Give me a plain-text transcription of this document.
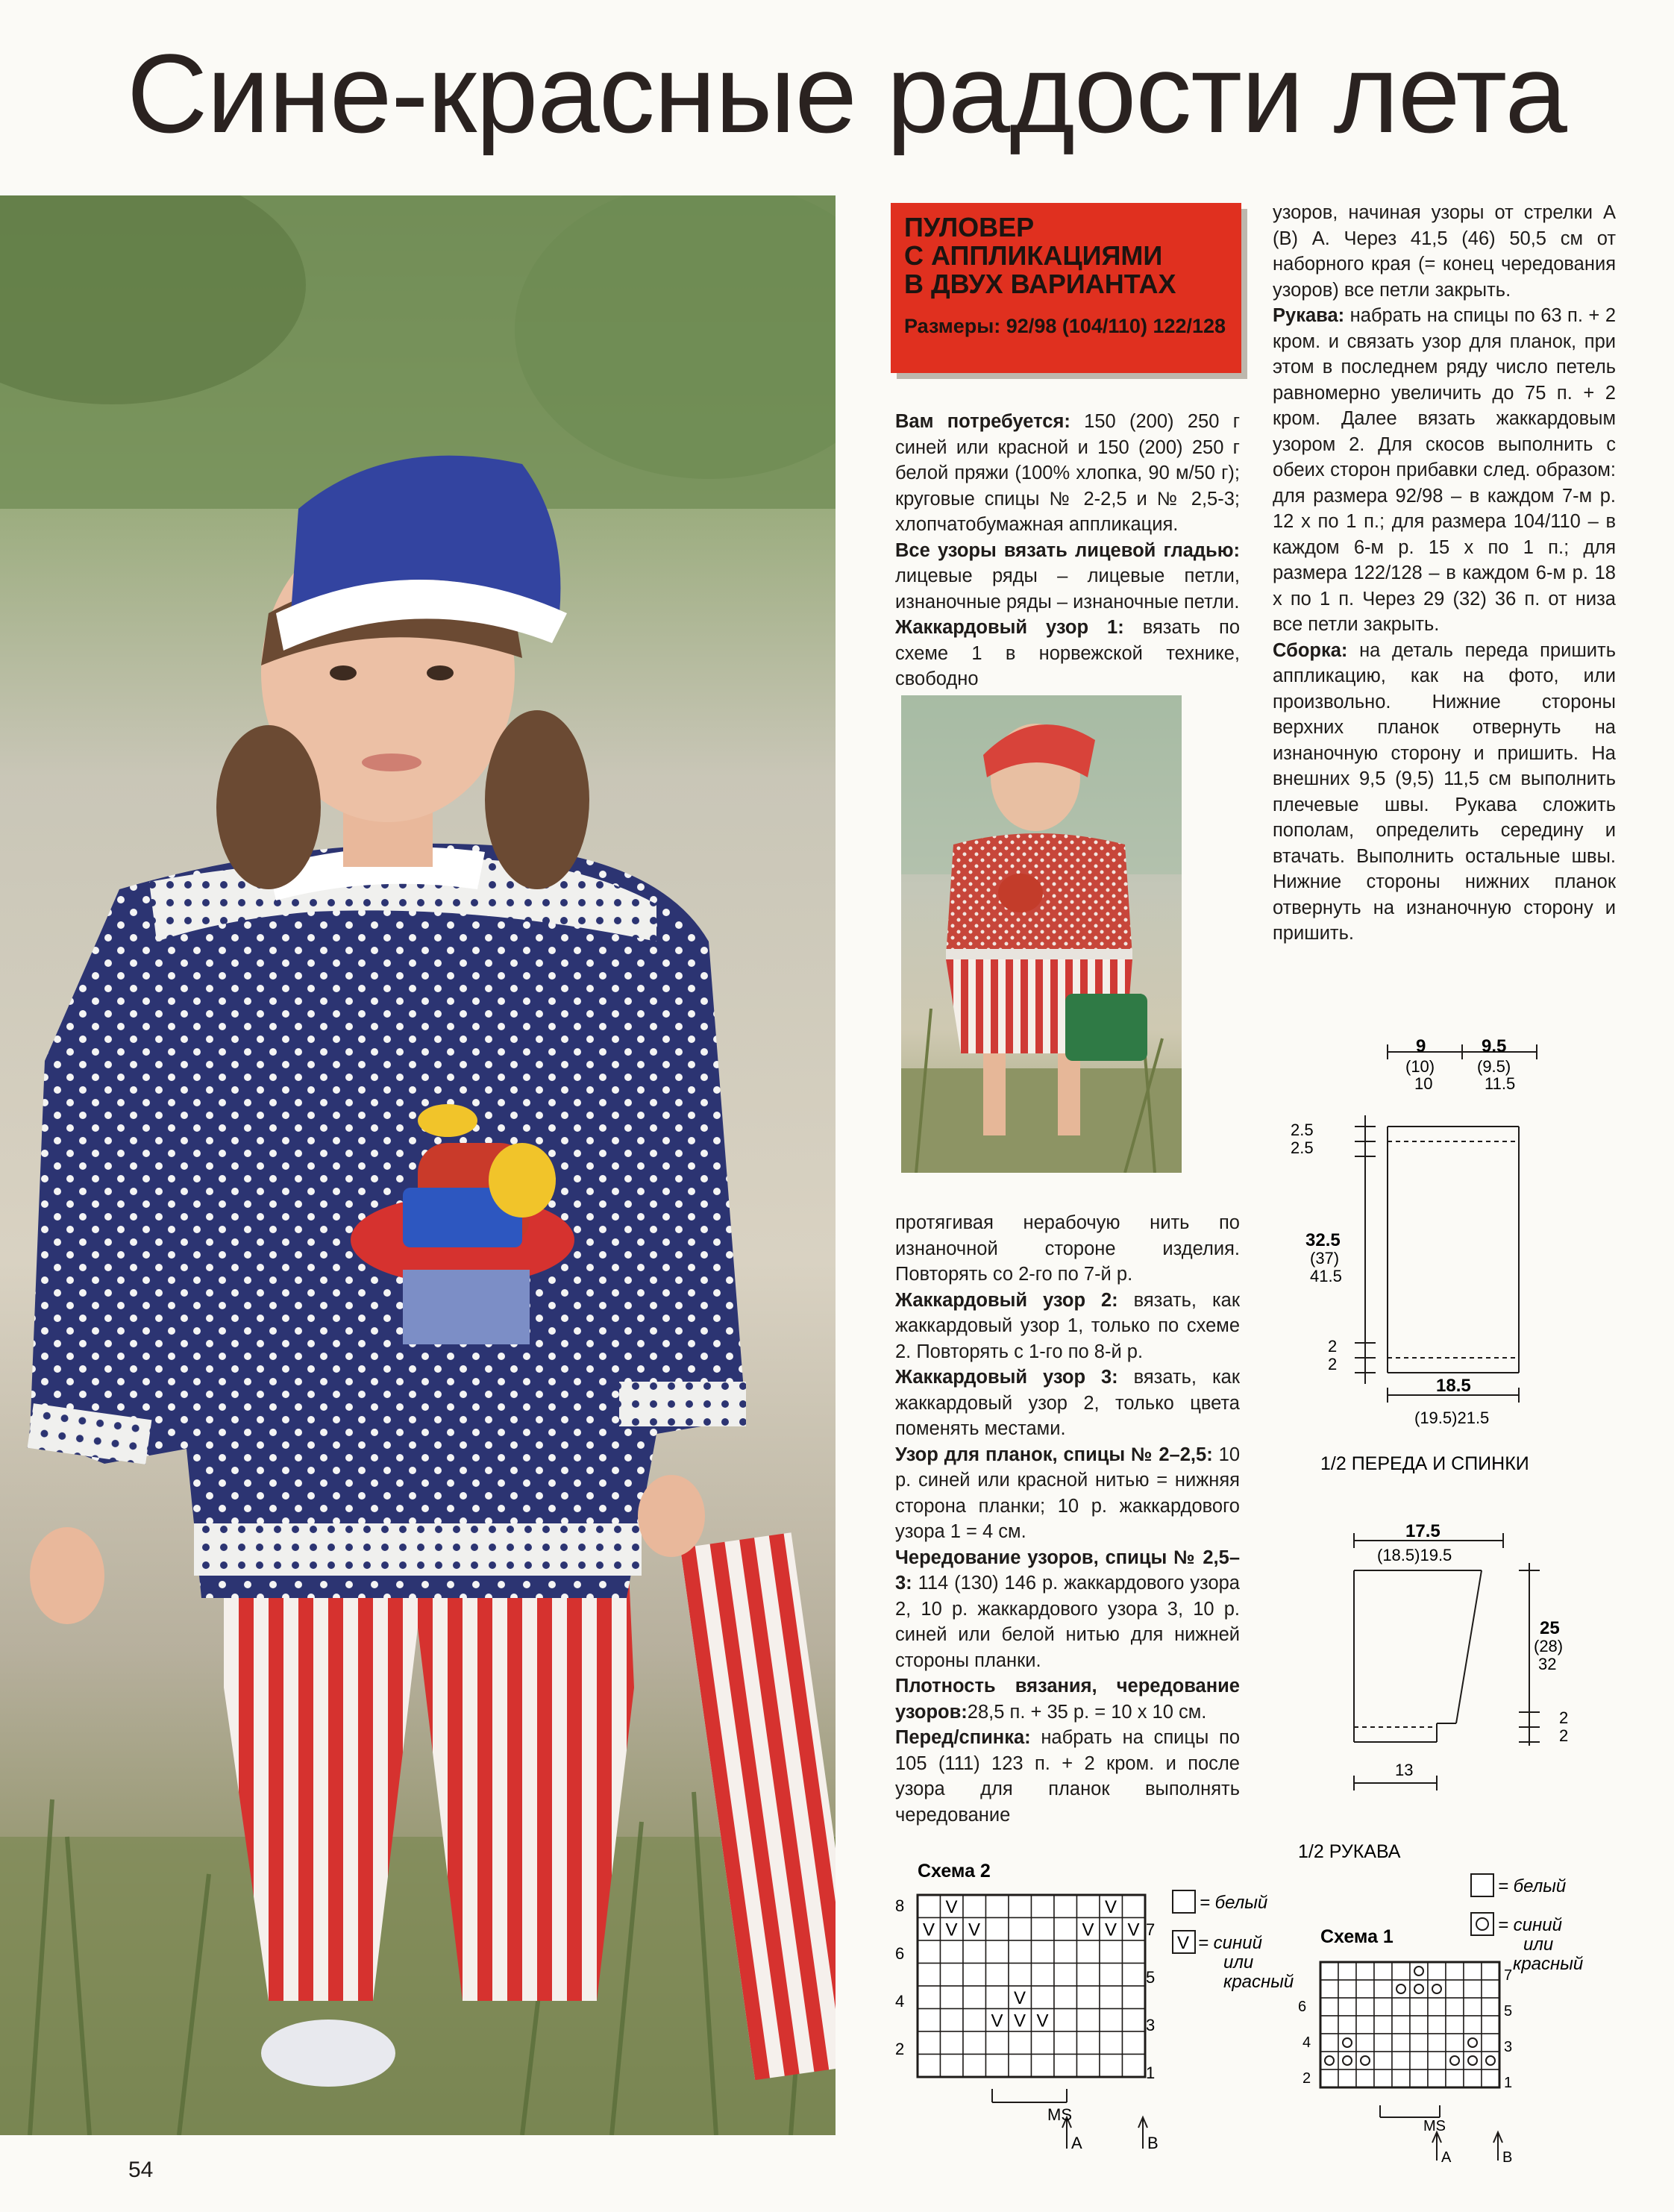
Сине-красные радости лета
ПУЛОВЕР
С АППЛИКАЦИЯМИ
В ДВУХ ВАРИАНТАХ
Размеры: 92/98 (104/110) 122/128

Вам потребуется: 150 (200) 250 г синей или красной и 150 (200) 250 г белой пряжи (100% хлопка, 90 м/50 г); круговые спицы № 2-2,5 и № 2,5-3; хлопчатобумажная аппликация.

Все узоры вязать лицевой гладью: лицевые ряды – лицевые петли, изнаночные ряды – изнаночные петли.

Жаккардовый узор 1: вязать по схеме 1 в норвежской технике, свободно

протягивая нерабочую нить по изнаночной стороне изделия. Повторять со 2-го по 7-й р.

Жаккардовый узор 2: вязать, как жаккардовый узор 1, только по схеме 2. Повторять с 1-го по 8-й р.

Жаккардовый узор 3: вязать, как жаккардовый узор 2, только цвета поменять местами.

Узор для планок, спицы № 2–2,5: 10 р. синей или красной нитью = нижняя сторона планки; 10 р. жаккардового узора 1 = 4 см.

Чередование узоров, спицы № 2,5–3: 114 (130) 146 р. жаккардового узора 2, 10 р. жаккардового узора 3, 10 р. синей или белой нитью для нижней стороны планки.

Плотность вязания, чередование узоров:28,5 п. + 35 р. = 10 х 10 см.

Перед/спинка: набрать на спицы по 105 (111) 123 п. + 2 кром. и после узора для планок выполнять чередование

узоров, начиная узоры от стрелки А (В) А. Через 41,5 (46) 50,5 см от наборного края (= конец чередования узоров) все петли закрыть.

Рукава: набрать на спицы по 63 п. + 2 кром. и связать узор для планок, при этом в последнем ряду число петель равномерно увеличить до 75 п. + 2 кром. Далее вязать жаккардовым узором 2. Для скосов выполнить с обеих сторон прибавки след. образом: для размера 92/98 – в каждом 7-м р. 12 х по 1 п.; для размера 104/110 – в каждом 6-м р. 15 х по 1 п.; для размера 122/128 – в каждом 6-м р. 18 х по 1 п. Через 29 (32) 36 п. от низа все петли закрыть.

Сборка: на деталь переда пришить аппликацию, как на фото, или произвольно. Нижние стороны верхних планок отвернуть на изнаночную сторону и пришить. На внешних 9,5 (9,5) 11,5 см выполнить плечевые швы. Рукава сложить пополам, определить середину и втачать. Выполнить остальные швы. Нижние стороны нижних планок отвернуть на изнаночную сторону и пришить.

9
(10)
10
9.5
(9.5)
11.5
2.5
2.5
32.5
(37)
41.5
2
2
18.5
(19.5)21.5
1/2 ПЕРЕДА И СПИНКИ
17.5
(18.5)19.5
25
(28)
32
2
2
13
1/2 РУКАВА
Схема 2
V	V
V V V	V V V
V
V V V
8
6
4
2
7
5
3
1
MS
A	B
= белый
V = синий
или
красный
= белый
= синий
или
красный
Схема 1
6
4
2
7
5
3
1
MS
A	B
54
